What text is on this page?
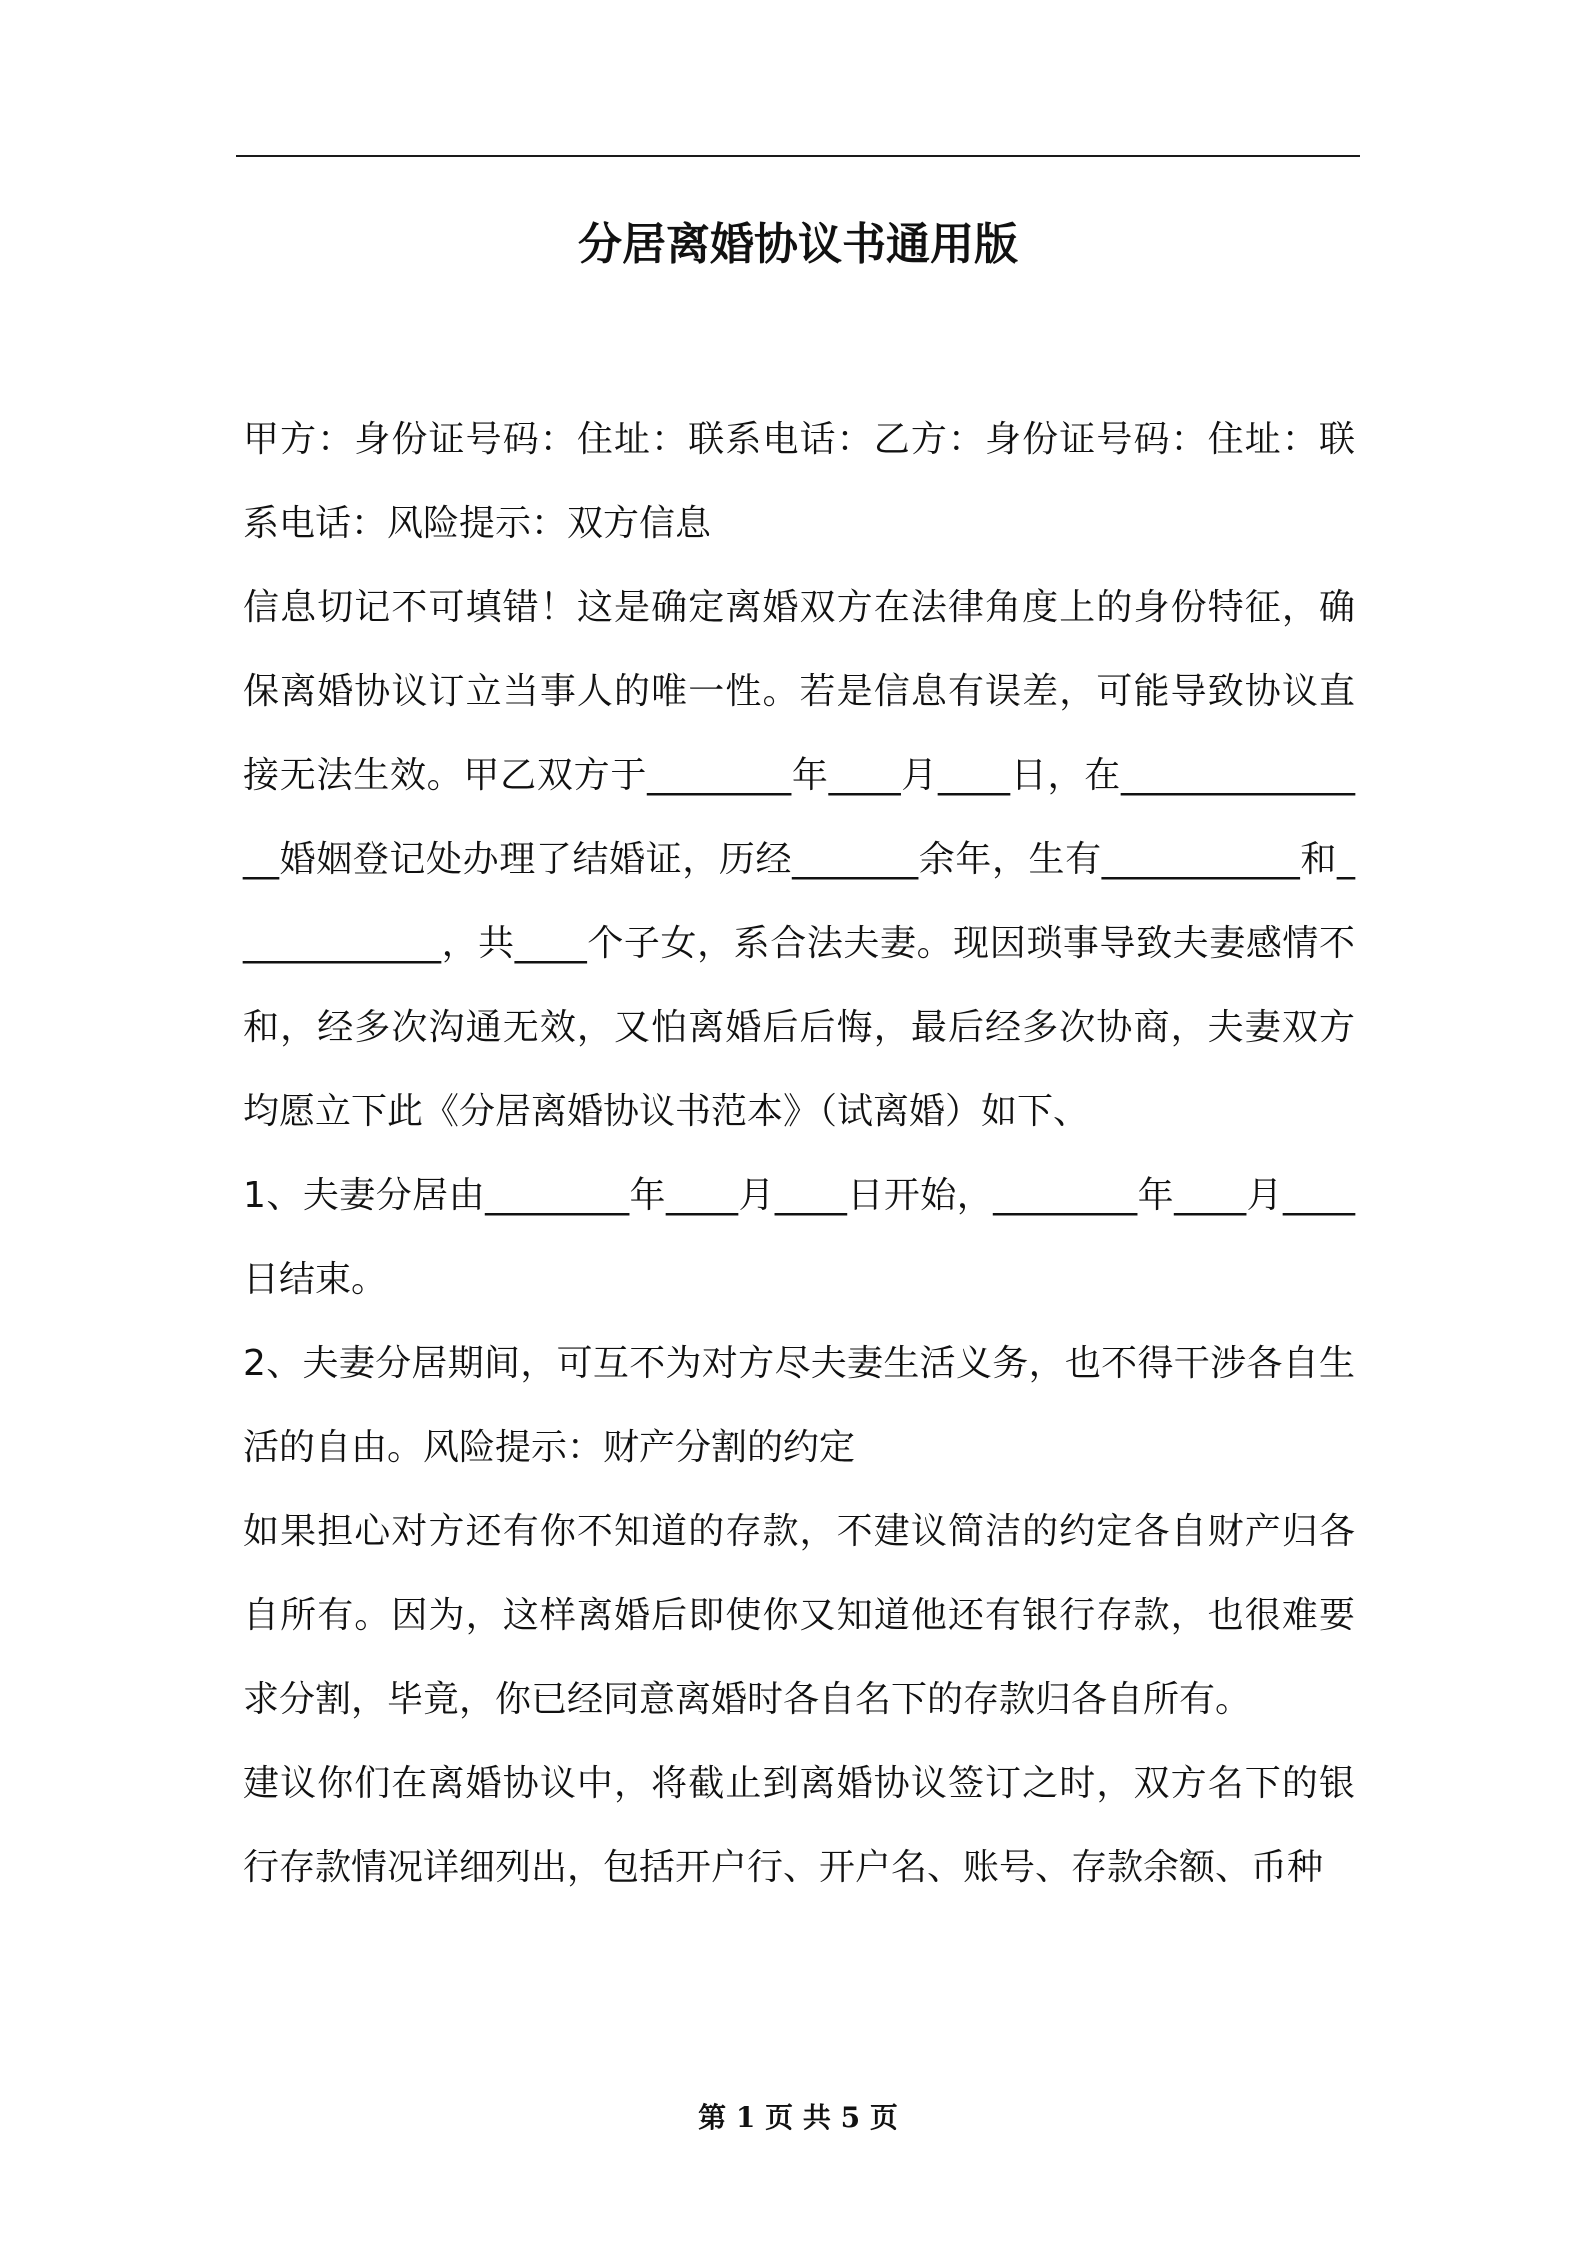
分居离婚协议书通用版

甲方：身份证号码：住址：联系电话：乙方：身份证号码：住址：联系电话：风险提示：双方信息

信息切记不可填错！这是确定离婚双方在法律角度上的身份特征，确保离婚协议订立当事人的唯一性。若是信息有误差，可能导致协议直接无法生效。甲乙双方于________年____月____日，在_______________婚姻登记处办理了结婚证，历经_______余年，生有___________和____________，共____个子女，系合法夫妻。现因琐事导致夫妻感情不和，经多次沟通无效，又怕离婚后后悔，最后经多次协商，夫妻双方均愿立下此《分居离婚协议书范本》（试离婚）如下、

1、夫妻分居由________年____月____日开始，________年____月____日结束。

2、夫妻分居期间，可互不为对方尽夫妻生活义务，也不得干涉各自生活的自由。风险提示：财产分割的约定

如果担心对方还有你不知道的存款，不建议简洁的约定各自财产归各自所有。因为，这样离婚后即使你又知道他还有银行存款，也很难要求分割，毕竟，你已经同意离婚时各自名下的存款归各自所有。

建议你们在离婚协议中，将截止到离婚协议签订之时，双方名下的银行存款情况详细列出，包括开户行、开户名、账号、存款余额、币种

第 1 页 共 5 页
